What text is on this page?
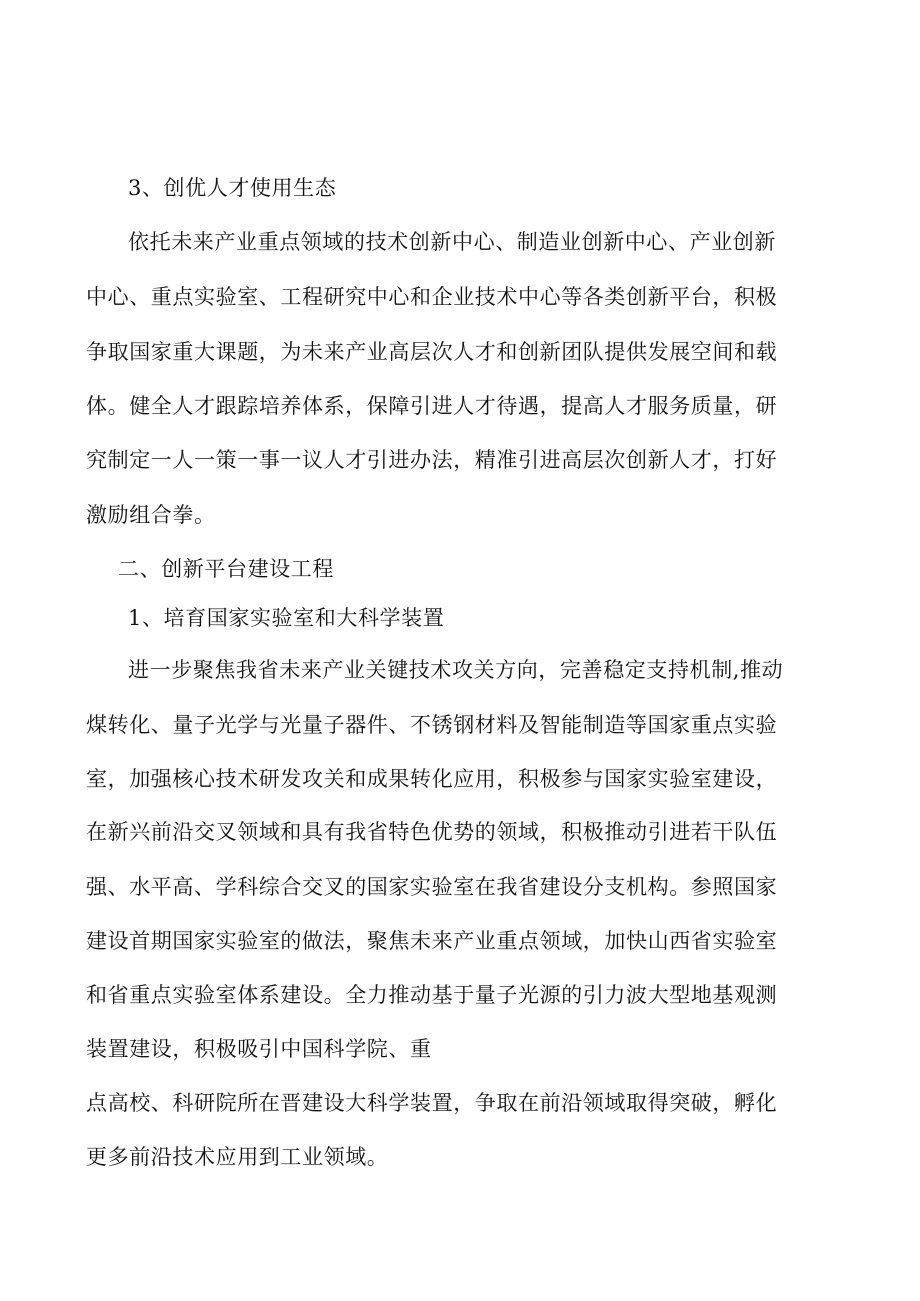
3、创优人才使用生态
依托未来产业重点领域的技术创新中心、制造业创新中心、产业创新
中心、重点实验室、工程研究中心和企业技术中心等各类创新平台，积极
争取国家重大课题，为未来产业高层次人才和创新团队提供发展空间和载
体。健全人才跟踪培养体系，保障引进人才待遇，提高人才服务质量，研
究制定一人一策一事一议人才引进办法，精准引进高层次创新人才，打好
激励组合拳。
二、创新平台建设工程
1、培育国家实验室和大科学装置
进一步聚焦我省未来产业关键技术攻关方向，完善稳定支持机制,推动
煤转化、量子光学与光量子器件、不锈钢材料及智能制造等国家重点实验
室，加强核心技术研发攻关和成果转化应用，积极参与国家实验室建设，
在新兴前沿交叉领域和具有我省特色优势的领域，积极推动引进若干队伍
强、水平高、学科综合交叉的国家实验室在我省建设分支机构。参照国家
建设首期国家实验室的做法，聚焦未来产业重点领域，加快山西省实验室
和省重点实验室体系建设。全力推动基于量子光源的引力波大型地基观测
装置建设，积极吸引中国科学院、重
点高校、科研院所在晋建设大科学装置，争取在前沿领域取得突破，孵化
更多前沿技术应用到工业领域。
